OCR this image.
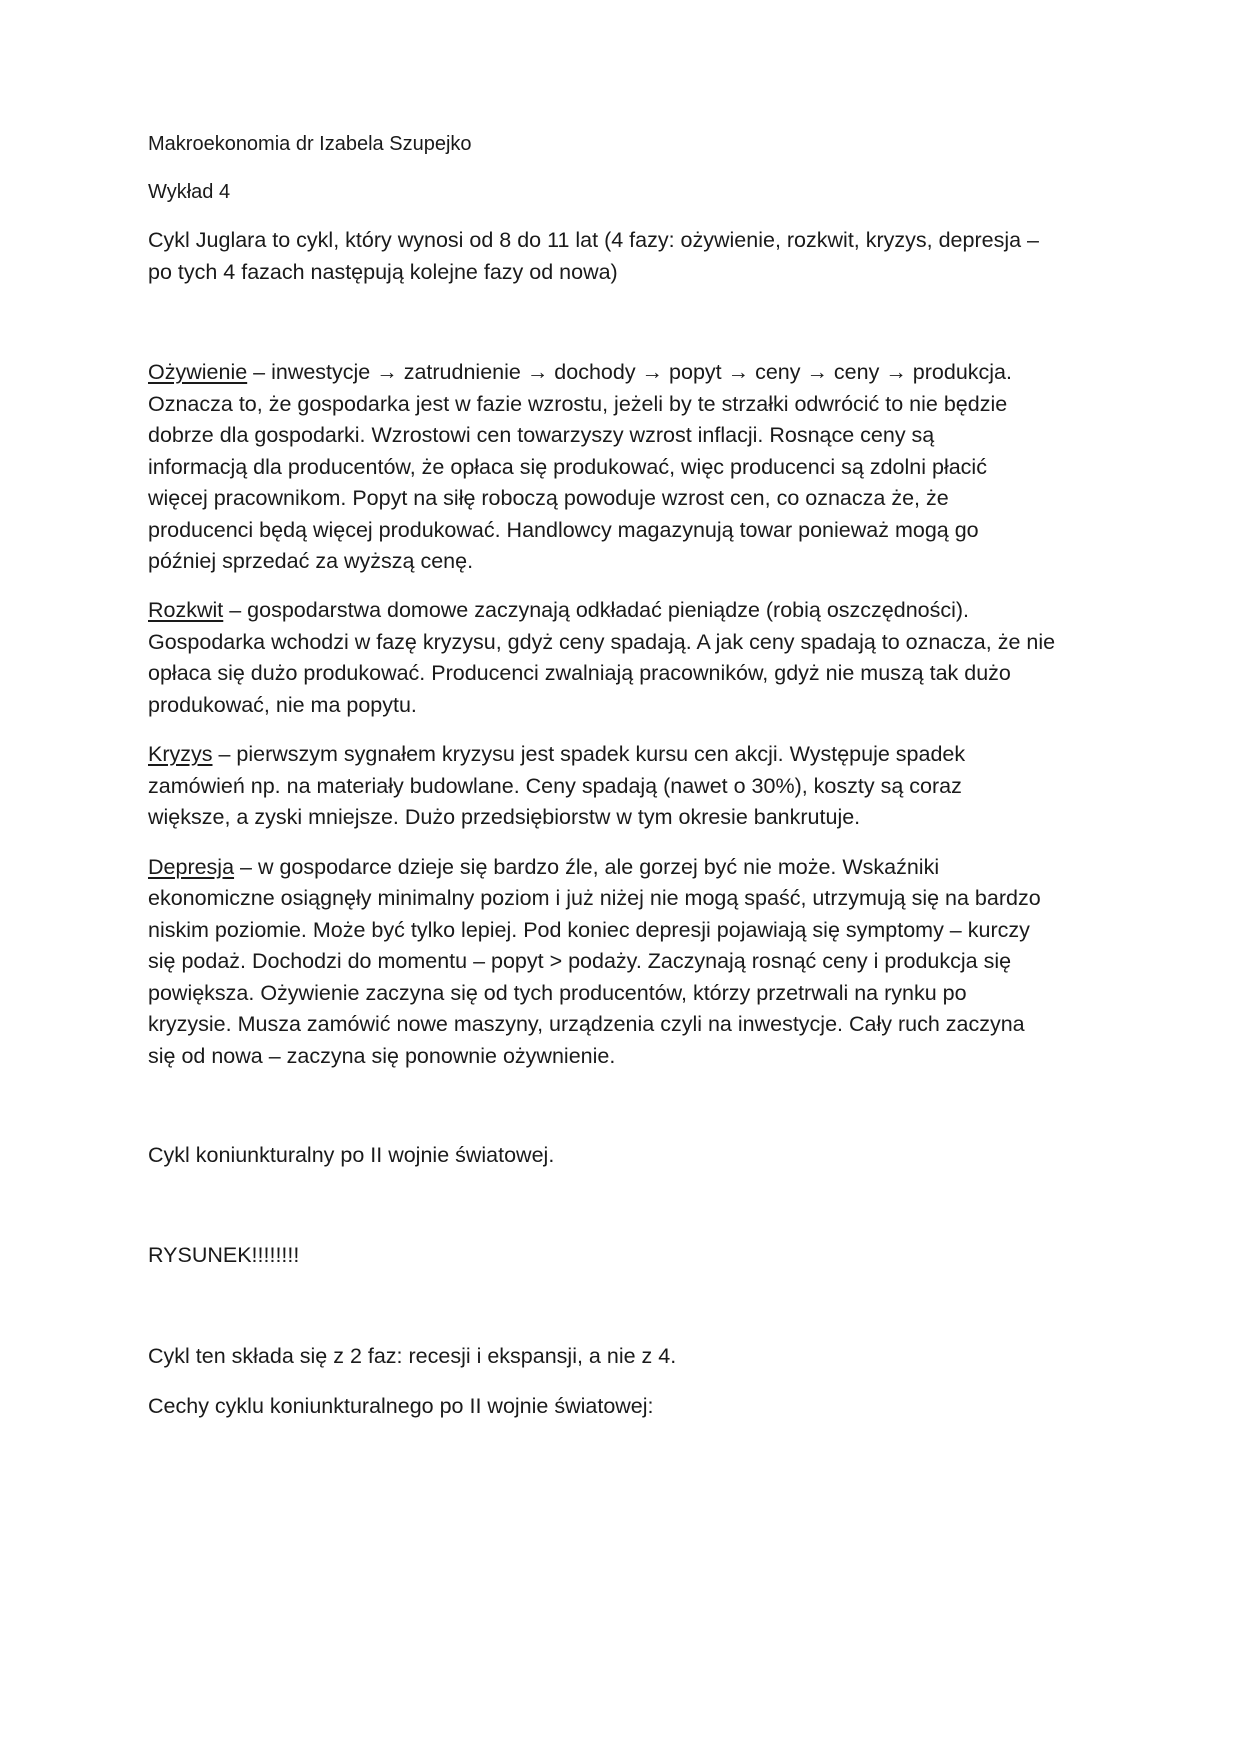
Makroekonomia dr Izabela Szupejko
Wykład 4
Cykl Juglara to cykl, który wynosi od 8 do 11 lat (4 fazy: ożywienie, rozkwit, kryzys, depresja –
po tych 4 fazach następują kolejne fazy od nowa)
Ożywienie – inwestycje → zatrudnienie → dochody → popyt → ceny → ceny → produkcja.
Oznacza to, że gospodarka jest w fazie wzrostu, jeżeli by te strzałki odwrócić to nie będzie
dobrze dla gospodarki. Wzrostowi cen towarzyszy wzrost inflacji. Rosnące ceny są
informacją dla producentów, że opłaca się produkować, więc producenci są zdolni płacić
więcej pracownikom. Popyt na siłę roboczą powoduje wzrost cen, co oznacza że, że
producenci będą więcej produkować. Handlowcy magazynują towar ponieważ mogą go
później sprzedać za wyższą cenę.
Rozkwit – gospodarstwa domowe zaczynają odkładać pieniądze (robią oszczędności).
Gospodarka wchodzi w fazę kryzysu, gdyż ceny spadają. A jak ceny spadają to oznacza, że nie
opłaca się dużo produkować. Producenci zwalniają pracowników, gdyż nie muszą tak dużo
produkować, nie ma popytu.
Kryzys – pierwszym sygnałem kryzysu jest spadek kursu cen akcji. Występuje spadek
zamówień np. na materiały budowlane. Ceny spadają (nawet o 30%), koszty są coraz
większe, a zyski mniejsze. Dużo przedsiębiorstw w tym okresie bankrutuje.
Depresja – w gospodarce dzieje się bardzo źle, ale gorzej być nie może. Wskaźniki
ekonomiczne osiągnęły minimalny poziom i już niżej nie mogą spaść, utrzymują się na bardzo
niskim poziomie. Może być tylko lepiej. Pod koniec depresji pojawiają się symptomy – kurczy
się podaż. Dochodzi do momentu – popyt > podaży. Zaczynają rosnąć ceny i produkcja się
powiększa. Ożywienie zaczyna się od tych producentów, którzy przetrwali na rynku po
kryzysie. Musza zamówić nowe maszyny, urządzenia czyli na inwestycje. Cały ruch zaczyna
się od nowa – zaczyna się ponownie ożywnienie.
Cykl koniunkturalny po II wojnie światowej.
RYSUNEK!!!!!!!!
Cykl ten składa się z 2 faz: recesji i ekspansji, a nie z 4.
Cechy cyklu koniunkturalnego po II wojnie światowej:
